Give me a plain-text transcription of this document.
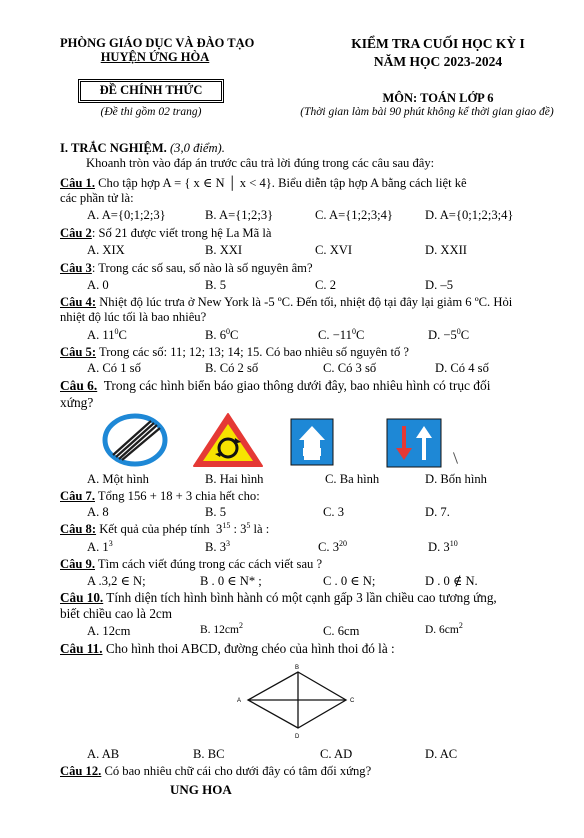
PHÒNG GIÁO DỤC VÀ ĐÀO TẠO
HUYỆN ỨNG HÒA
ĐỀ CHÍNH THỨC
(Đề thi gồm 02 trang)
KIỂM TRA CUỐI HỌC KỲ I
NĂM HỌC 2023-2024
MÔN: TOÁN LỚP 6
(Thời gian làm bài 90 phút không kể thời gian giao đề)
I. TRẮC NGHIỆM. (3,0 điểm).
Khoanh tròn vào đáp án trước câu trả lời đúng trong các câu sau đây:
Câu 1. Cho tập hợp A = { x ∈ N │ x < 4}. Biểu diễn tập hợp A bằng cách liệt kê
các phần tử là:
A. A={0;1;2;3}	B. A={1;2;3}	C. A={1;2;3;4}	D. A={0;1;2;3;4}
Câu 2: Số 21 được viết trong hệ La Mã là
A. XIX	B. XXI	C. XVI	D. XXII
Câu 3: Trong các số sau, số nào là số nguyên âm?
A. 0	B. 5	C. 2	D. –5
Câu 4: Nhiệt độ lúc trưa ở New York là -5 ºC. Đến tối, nhiệt độ tại đây lại giảm 6 ºC. Hỏi
nhiệt độ lúc tối là bao nhiêu?
A. $11^0C$	B. $6^0C$	C. $-11^0C$	D. $-5^0C$
Câu 5: Trong các số: 11; 12; 13; 14; 15. Có bao nhiêu số nguyên tố ?
A. Có 1 số	B. Có 2 số	C. Có 3 số	D. Có 4 số
Câu 6. Trong các hình biển báo giao thông dưới đây, bao nhiêu hình có trục đối
xứng?
A. Một hình	B. Hai hình	C. Ba hình	D. Bốn hình
Câu 7. Tổng 156 + 18 + 3 chia hết cho:
A. 8	B. 5	C. 3	D. 7.
Câu 8: Kết quả của phép tính $3^{15}$ : $3^5$ là :
A. $1^3$	B. $3^3$	C. $3^{20}$	D. $3^{10}$
Câu 9. Tìm cách viết đúng trong các cách viết sau ?
A .3,2 ∈ N;	B . 0 ∈ N* ;	C . 0 ∈ N;	D . 0 ∉ N.
Câu 10. Tính diện tích hình bình hành có một cạnh gấp 3 lần chiều cao tương ứng,
biết chiều cao là 2cm
A. 12cm	B. $12cm^2$	C. 6cm	D. $6cm^2$
Câu 11. Cho hình thoi ABCD, đường chéo của hình thoi đó là :
B
A	C
D
A. AB	B. BC	C. AD	D. AC
Câu 12. Có bao nhiêu chữ cái cho dưới đây có tâm đối xứng?
UNG HOA
